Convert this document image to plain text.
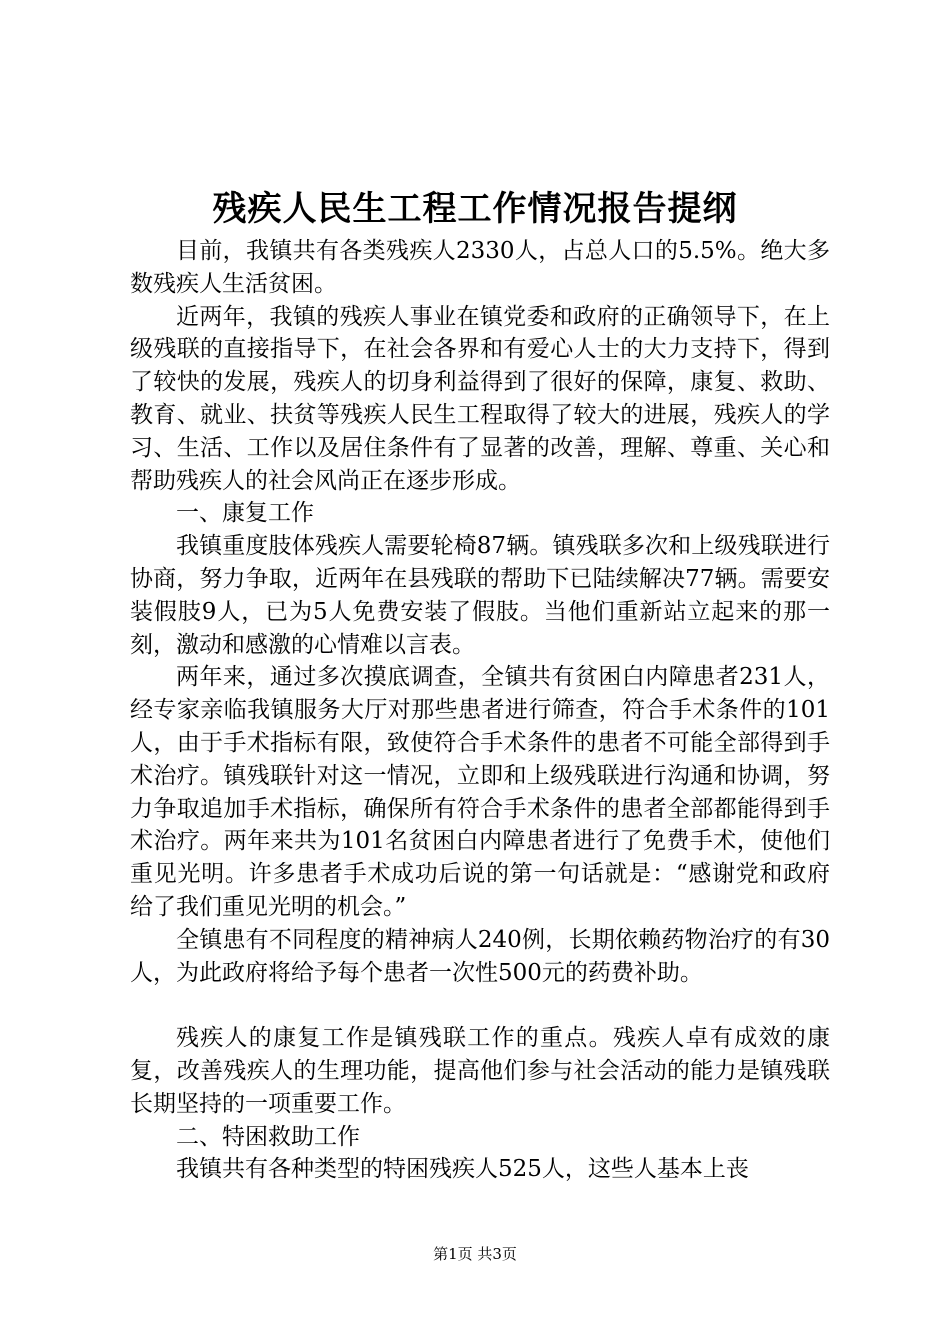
残疾人民生工程工作情况报告提纲

目前，我镇共有各类残疾人2330人，占总人口的5.5%。绝大多数残疾人生活贫困。

近两年，我镇的残疾人事业在镇党委和政府的正确领导下，在上级残联的直接指导下，在社会各界和有爱心人士的大力支持下，得到了较快的发展，残疾人的切身利益得到了很好的保障，康复、救助、教育、就业、扶贫等残疾人民生工程取得了较大的进展，残疾人的学习、生活、工作以及居住条件有了显著的改善，理解、尊重、关心和帮助残疾人的社会风尚正在逐步形成。

一、康复工作

我镇重度肢体残疾人需要轮椅87辆。镇残联多次和上级残联进行协商，努力争取，近两年在县残联的帮助下已陆续解决77辆。需要安装假肢9人，已为5人免费安装了假肢。当他们重新站立起来的那一刻，激动和感激的心情难以言表。

两年来，通过多次摸底调查，全镇共有贫困白内障患者231人，经专家亲临我镇服务大厅对那些患者进行筛查，符合手术条件的101人，由于手术指标有限，致使符合手术条件的患者不可能全部得到手术治疗。镇残联针对这一情况，立即和上级残联进行沟通和协调，努力争取追加手术指标，确保所有符合手术条件的患者全部都能得到手术治疗。两年来共为101名贫困白内障患者进行了免费手术，使他们重见光明。许多患者手术成功后说的第一句话就是：“感谢党和政府给了我们重见光明的机会。”

全镇患有不同程度的精神病人240例，长期依赖药物治疗的有30人，为此政府将给予每个患者一次性500元的药费补助。

残疾人的康复工作是镇残联工作的重点。残疾人卓有成效的康复，改善残疾人的生理功能，提高他们参与社会活动的能力是镇残联长期坚持的一项重要工作。

二、特困救助工作

我镇共有各种类型的特困残疾人525人，这些人基本上丧

第1页 共3页
